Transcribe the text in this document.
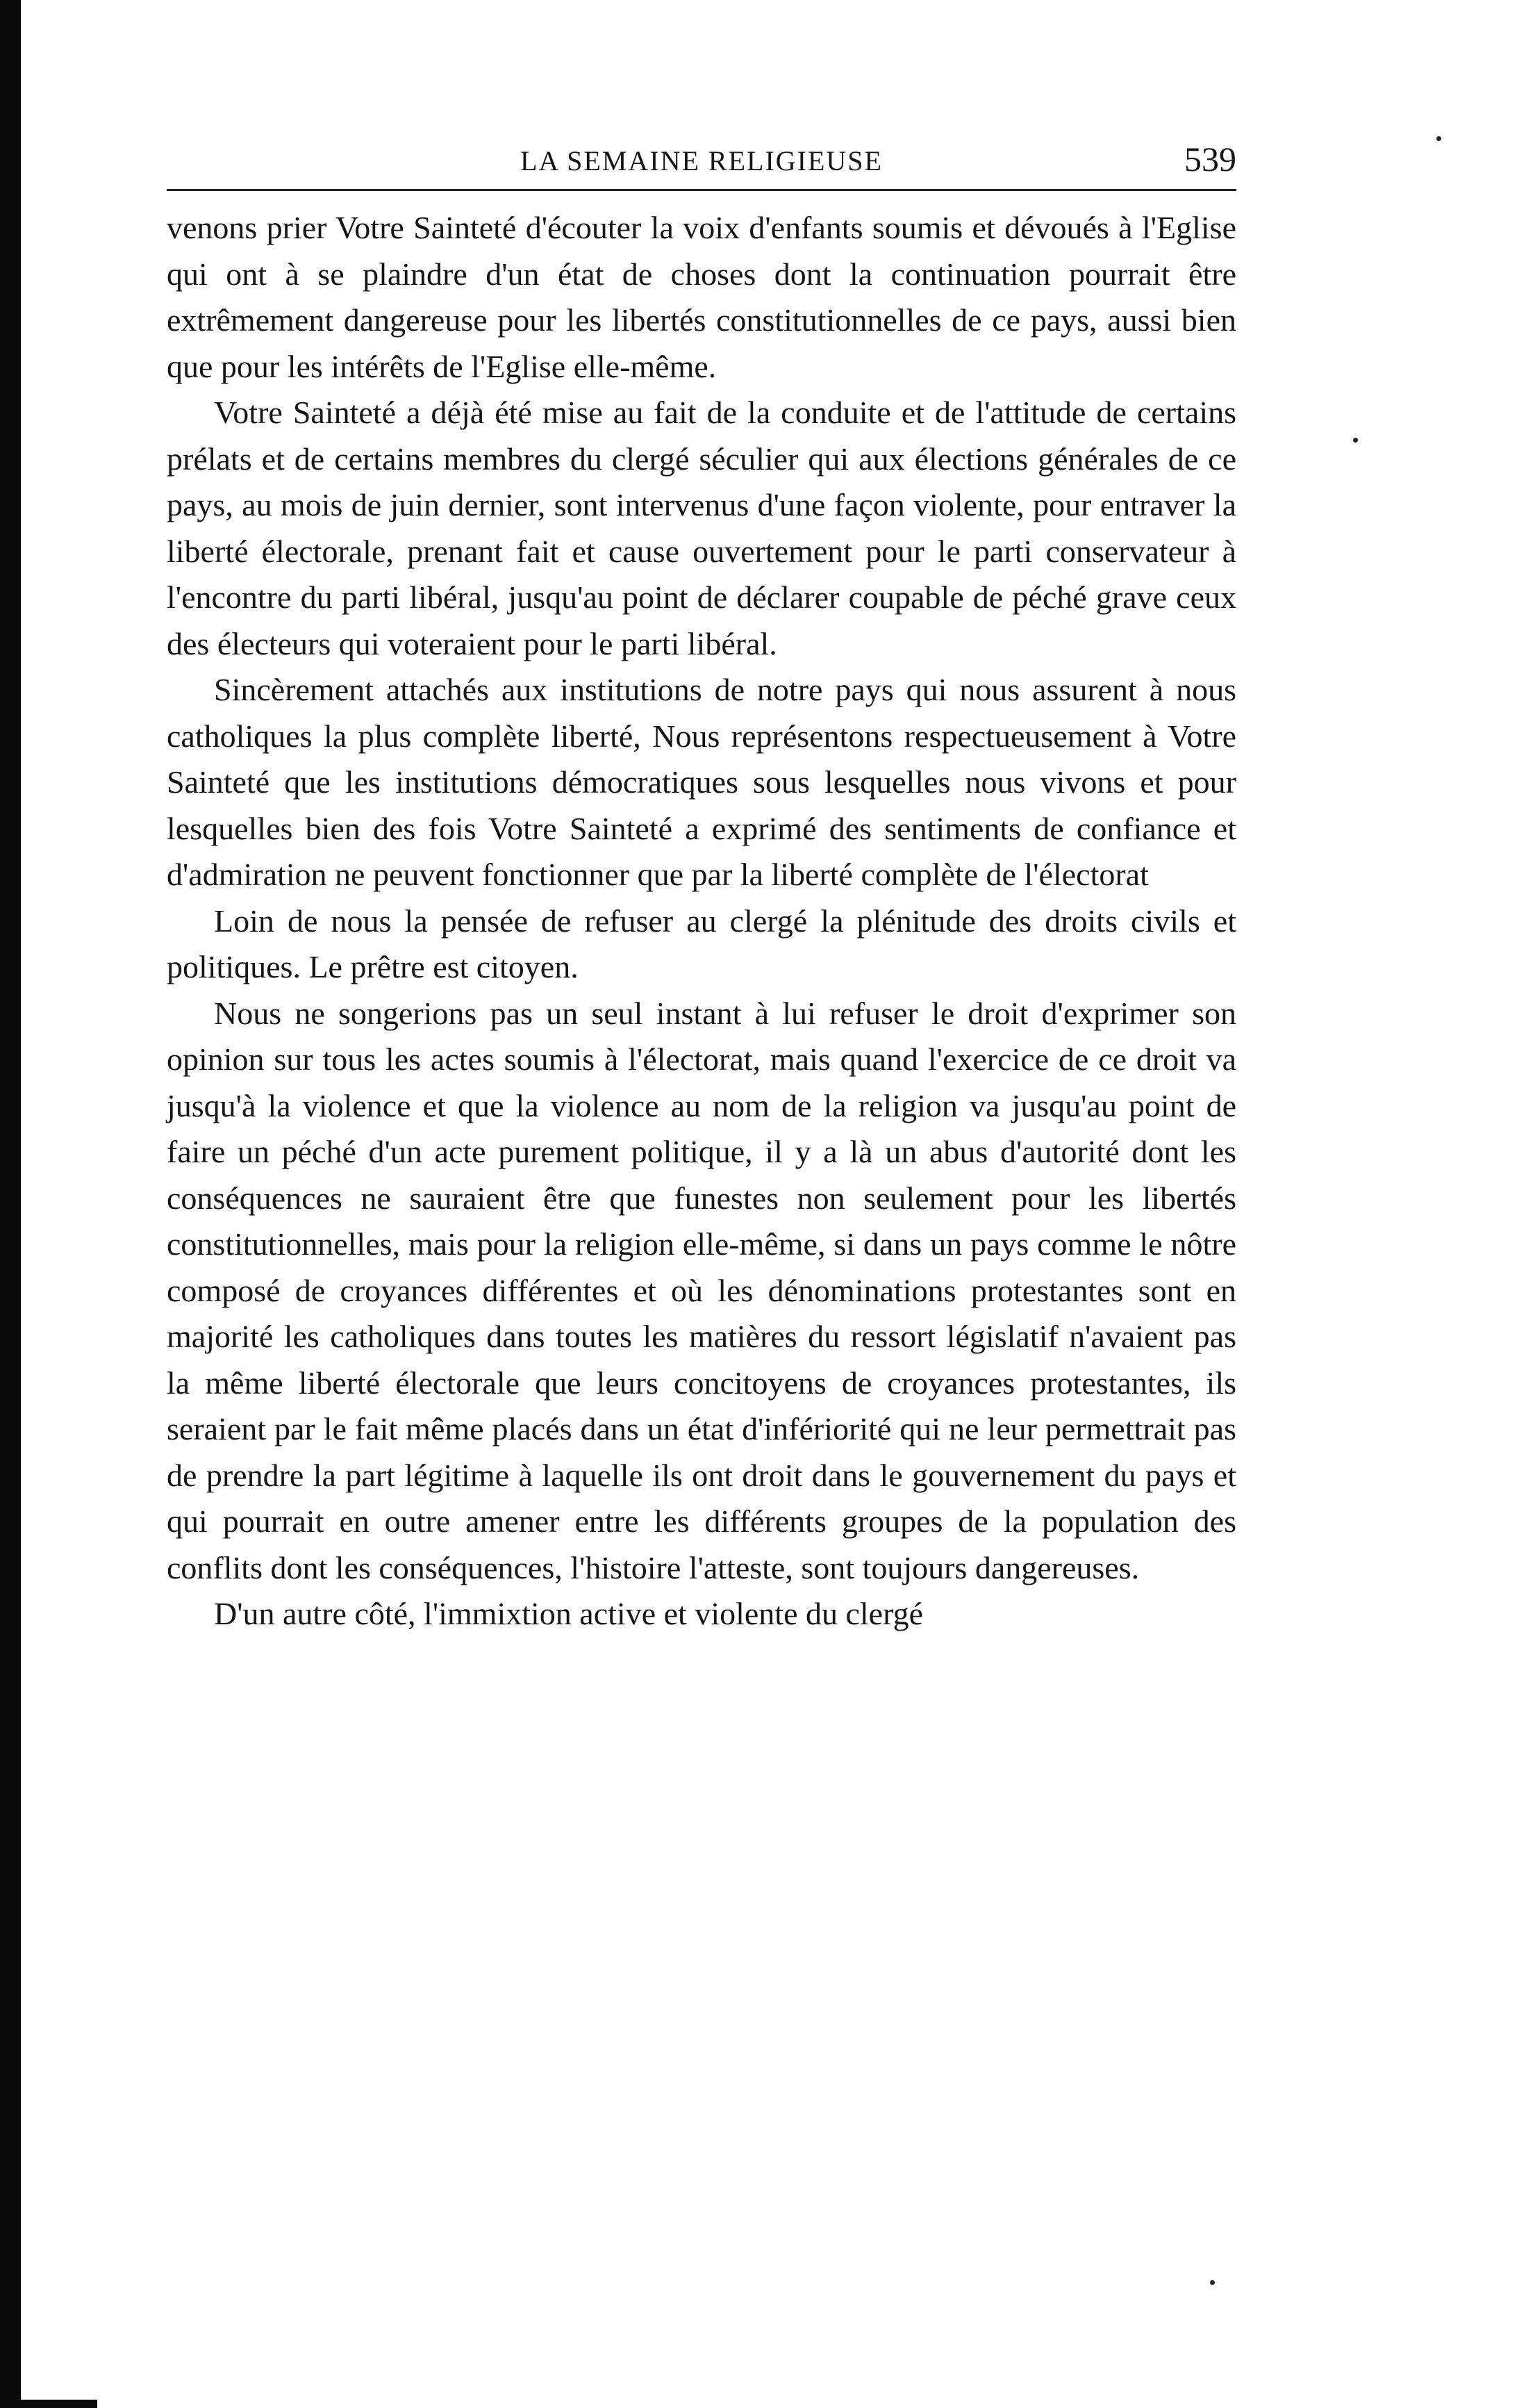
LA SEMAINE RELIGIEUSE	539

venons prier Votre Sainteté d'écouter la voix d'enfants soumis et dévoués à l'Eglise qui ont à se plaindre d'un état de choses dont la continuation pourrait être extrêmement dangereuse pour les libertés constitutionnelles de ce pays, aussi bien que pour les intérêts de l'Eglise elle-même.

Votre Sainteté a déjà été mise au fait de la conduite et de l'attitude de certains prélats et de certains membres du clergé séculier qui aux élections générales de ce pays, au mois de juin dernier, sont intervenus d'une façon violente, pour entraver la liberté électorale, prenant fait et cause ouvertement pour le parti conservateur à l'encontre du parti libéral, jusqu'au point de déclarer coupable de péché grave ceux des électeurs qui voteraient pour le parti libéral.

Sincèrement attachés aux institutions de notre pays qui nous assurent à nous catholiques la plus complète liberté, Nous représentons respectueusement à Votre Sainteté que les institutions démocratiques sous lesquelles nous vivons et pour lesquelles bien des fois Votre Sainteté a exprimé des sentiments de confiance et d'admiration ne peuvent fonctionner que par la liberté complète de l'électorat

Loin de nous la pensée de refuser au clergé la plénitude des droits civils et politiques. Le prêtre est citoyen.

Nous ne songerions pas un seul instant à lui refuser le droit d'exprimer son opinion sur tous les actes soumis à l'électorat, mais quand l'exercice de ce droit va jusqu'à la violence et que la violence au nom de la religion va jusqu'au point de faire un péché d'un acte purement politique, il y a là un abus d'autorité dont les conséquences ne sauraient être que funestes non seulement pour les libertés constitutionnelles, mais pour la religion elle-même, si dans un pays comme le nôtre composé de croyances différentes et où les dénominations protestantes sont en majorité les catholiques dans toutes les matières du ressort législatif n'avaient pas la même liberté électorale que leurs concitoyens de croyances protestantes, ils seraient par le fait même placés dans un état d'infériorité qui ne leur permettrait pas de prendre la part légitime à laquelle ils ont droit dans le gouvernement du pays et qui pourrait en outre amener entre les différents groupes de la population des conflits dont les conséquences, l'histoire l'atteste, sont toujours dangereuses.

D'un autre côté, l'immixtion active et violente du clergé
